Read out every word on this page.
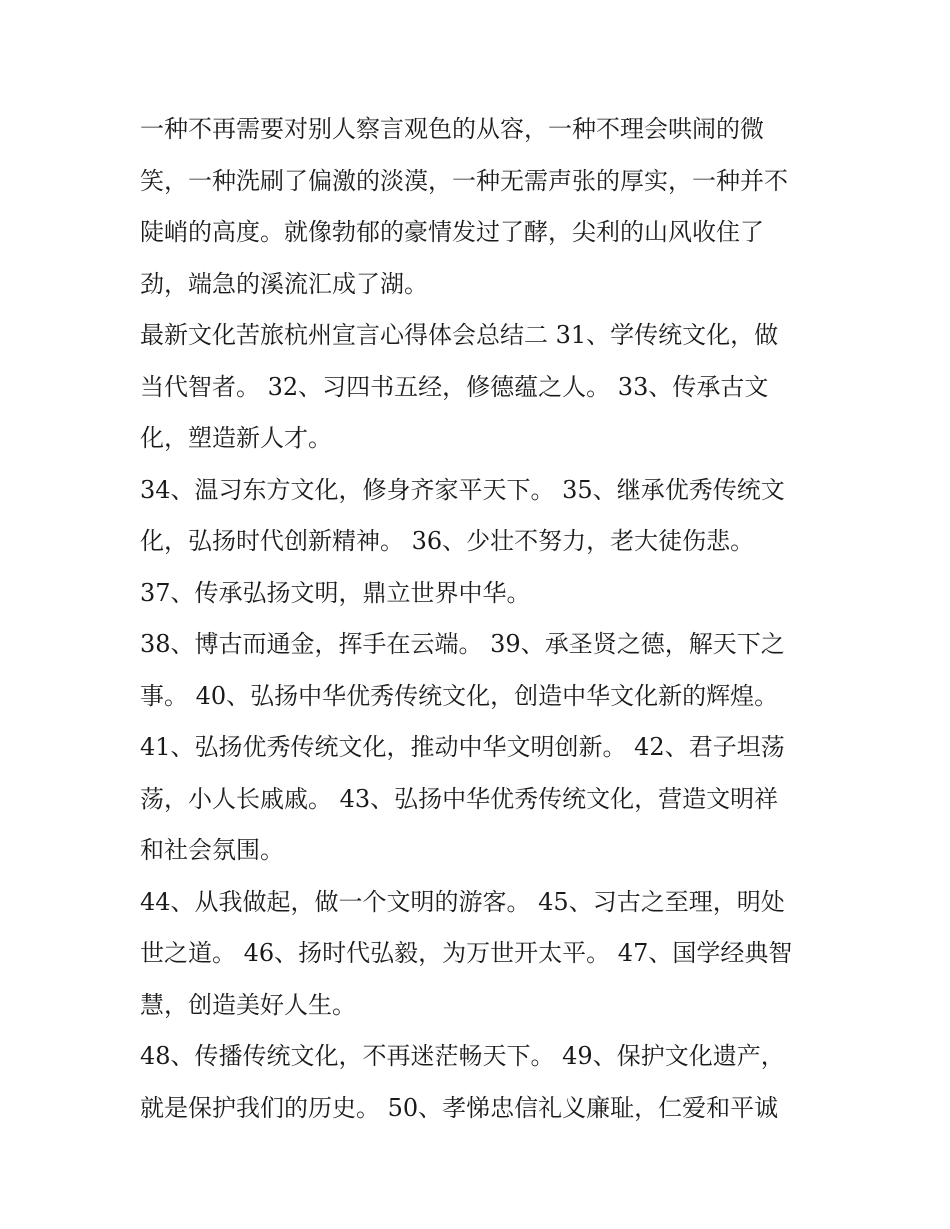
一种不再需要对别人察言观色的从容，一种不理会哄闹的微
笑，一种洗刷了偏激的淡漠，一种无需声张的厚实，一种并不
陡峭的高度。就像勃郁的豪情发过了酵，尖利的山风收住了
劲，端急的溪流汇成了湖。

最新文化苦旅杭州宣言心得体会总结二 31、学传统文化，做
当代智者。 32、习四书五经，修德蕴之人。 33、传承古文
化，塑造新人才。

34、温习东方文化，修身齐家平天下。 35、继承优秀传统文
化，弘扬时代创新精神。 36、少壮不努力，老大徒伤悲。

37、传承弘扬文明，鼎立世界中华。

38、博古而通金，挥手在云端。 39、承圣贤之德，解天下之
事。 40、弘扬中华优秀传统文化，创造中华文化新的辉煌。

41、弘扬优秀传统文化，推动中华文明创新。 42、君子坦荡
荡，小人长戚戚。 43、弘扬中华优秀传统文化，营造文明祥
和社会氛围。

44、从我做起，做一个文明的游客。 45、习古之至理，明处
世之道。 46、扬时代弘毅，为万世开太平。 47、国学经典智
慧，创造美好人生。

48、传播传统文化，不再迷茫畅天下。 49、保护文化遗产，
就是保护我们的历史。 50、孝悌忠信礼义廉耻，仁爱和平诚
